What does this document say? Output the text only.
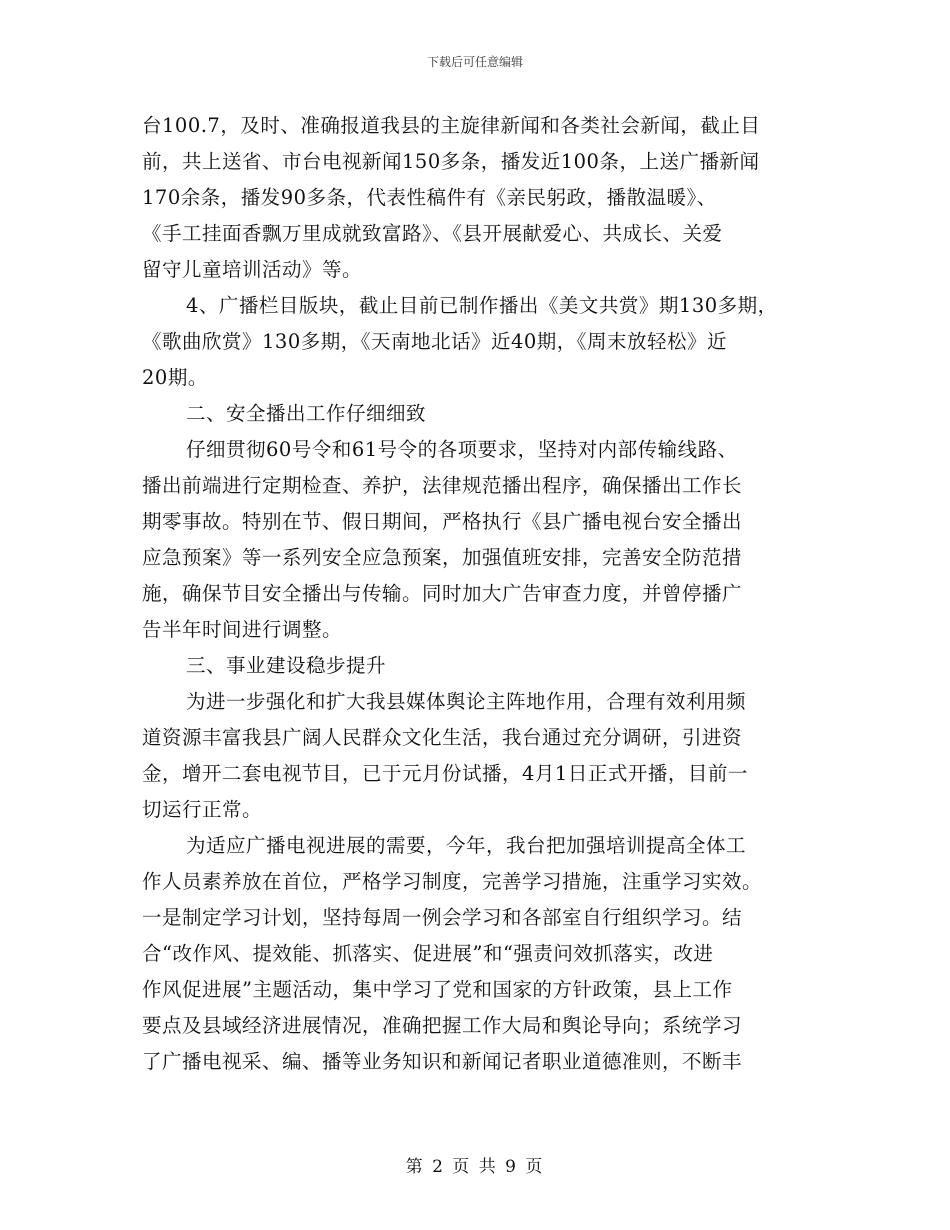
下载后可任意编辑
台100.7，及时、准确报道我县的主旋律新闻和各类社会新闻，截止目
前，共上送省、市台电视新闻150多条，播发近100条，上送广播新闻
170余条，播发90多条，代表性稿件有《亲民躬政，播散温暖》、
《手工挂面香飘万里成就致富路》、《县开展献爱心、共成长、关爱
留守儿童培训活动》等。
4、广播栏目版块，截止目前已制作播出《美文共赏》期130多期，
《歌曲欣赏》130多期，《天南地北话》近40期，《周末放轻松》近
20期。
二、安全播出工作仔细细致
仔细贯彻60号令和61号令的各项要求，坚持对内部传输线路、
播出前端进行定期检查、养护，法律规范播出程序，确保播出工作长
期零事故。特别在节、假日期间，严格执行《县广播电视台安全播出
应急预案》等一系列安全应急预案，加强值班安排，完善安全防范措
施，确保节目安全播出与传输。同时加大广告审查力度，并曾停播广
告半年时间进行调整。
三、事业建设稳步提升
为进一步强化和扩大我县媒体舆论主阵地作用，合理有效利用频
道资源丰富我县广阔人民群众文化生活，我台通过充分调研，引进资
金，增开二套电视节目，已于元月份试播，4月1日正式开播，目前一
切运行正常。
为适应广播电视进展的需要，今年，我台把加强培训提高全体工
作人员素养放在首位，严格学习制度，完善学习措施，注重学习实效。
一是制定学习计划，坚持每周一例会学习和各部室自行组织学习。结
合“改作风、提效能、抓落实、促进展”和“强责问效抓落实，改进
作风促进展”主题活动，集中学习了党和国家的方针政策，县上工作
要点及县域经济进展情况，准确把握工作大局和舆论导向；系统学习
了广播电视采、编、播等业务知识和新闻记者职业道德准则，不断丰
第 2 页 共 9 页
